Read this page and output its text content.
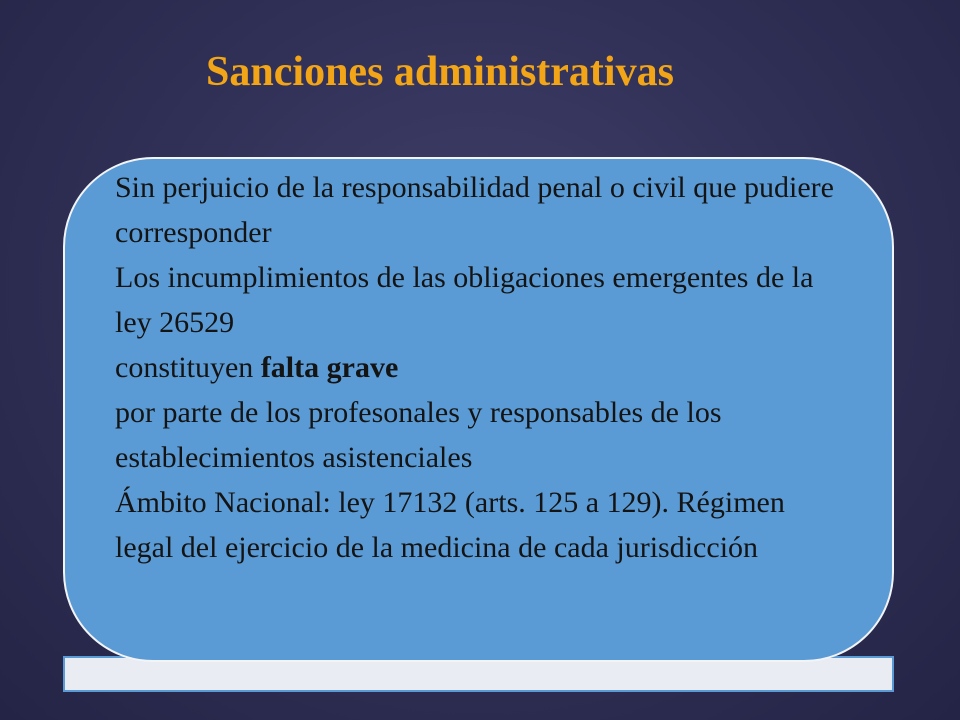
Sanciones administrativas

Sin perjuicio de la responsabilidad penal o civil que pudiere corresponder

Los incumplimientos de las obligaciones emergentes de la ley 26529

constituyen falta grave

por parte de los profesonales y responsables de los establecimientos asistenciales

Ámbito Nacional: ley 17132 (arts. 125 a 129). Régimen legal del ejercicio de la medicina de cada jurisdicción
